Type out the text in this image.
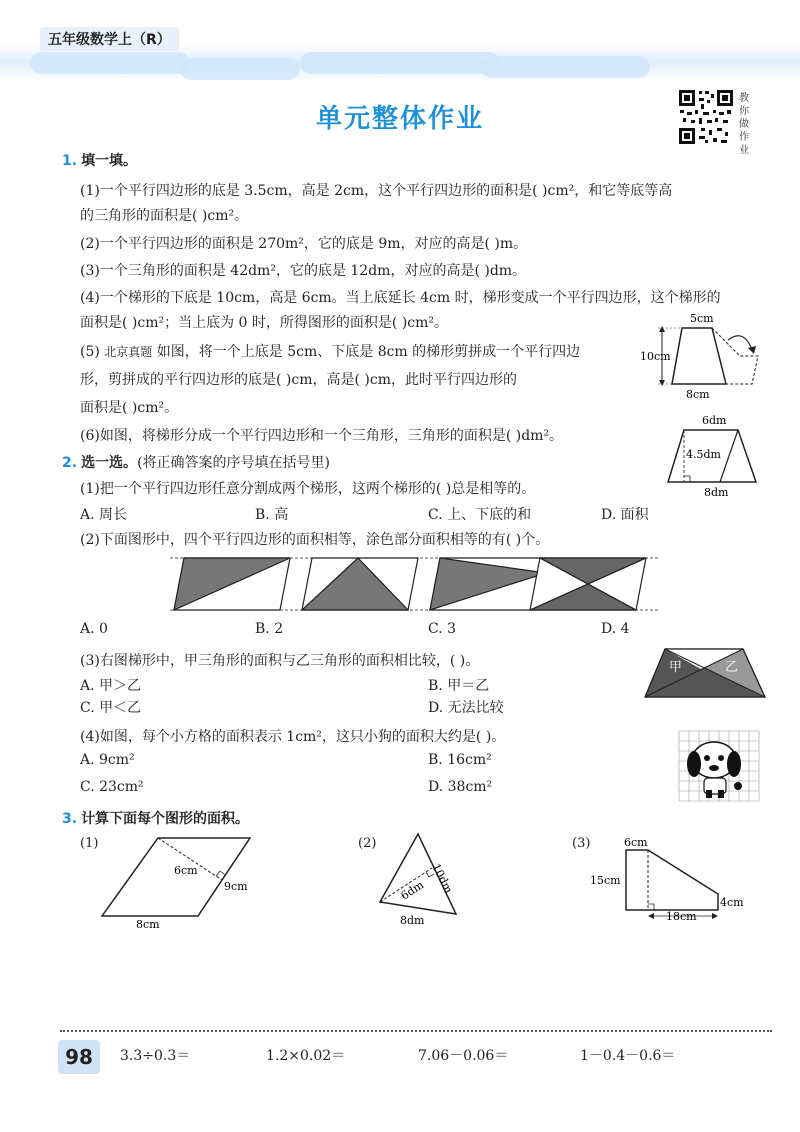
五年级数学上（R）
单元整体作业
教你做作业
1. 填一填。
(1)一个平行四边形的底是 3.5cm，高是 2cm，这个平行四边形的面积是( )cm²，和它等底等高
的三角形的面积是( )cm²。
(2)一个平行四边形的面积是 270m²，它的底是 9m，对应的高是( )m。
(3)一个三角形的面积是 42dm²，它的底是 12dm，对应的高是( )dm。
(4)一个梯形的下底是 10cm，高是 6cm。当上底延长 4cm 时，梯形变成一个平行四边形，这个梯形的
面积是( )cm²；当上底为 0 时，所得图形的面积是( )cm²。
(5) 北京真题 如图，将一个上底是 5cm、下底是 8cm 的梯形剪拼成一个平行四边
形，剪拼成的平行四边形的底是( )cm，高是( )cm，此时平行四边形的
面积是( )cm²。
(6)如图，将梯形分成一个平行四边形和一个三角形，三角形的面积是( )dm²。
5cm
10cm
8cm
6dm
4.5dm
8dm
2. 选一选。(将正确答案的序号填在括号里)
(1)把一个平行四边形任意分割成两个梯形，这两个梯形的( )总是相等的。
A. 周长	B. 高	C. 上、下底的和	D. 面积
(2)下面图形中，四个平行四边形的面积相等，涂色部分面积相等的有( )个。
A. 0	B. 2	C. 3	D. 4
(3)右图梯形中，甲三角形的面积与乙三角形的面积相比较，( )。
A. 甲＞乙	B. 甲＝乙
C. 甲＜乙	D. 无法比较
甲	乙
(4)如图，每个小方格的面积表示 1cm²，这只小狗的面积大约是( )。
A. 9cm²	B. 16cm²
C. 23cm²	D. 38cm²
3. 计算下面每个图形的面积。
(1)
6cm
9cm
8cm
(2)
10dm
6dm
8dm
(3)	6cm
15cm
4cm
18cm
98	3.3÷0.3＝	1.2×0.02＝	7.06－0.06＝	1－0.4－0.6＝
